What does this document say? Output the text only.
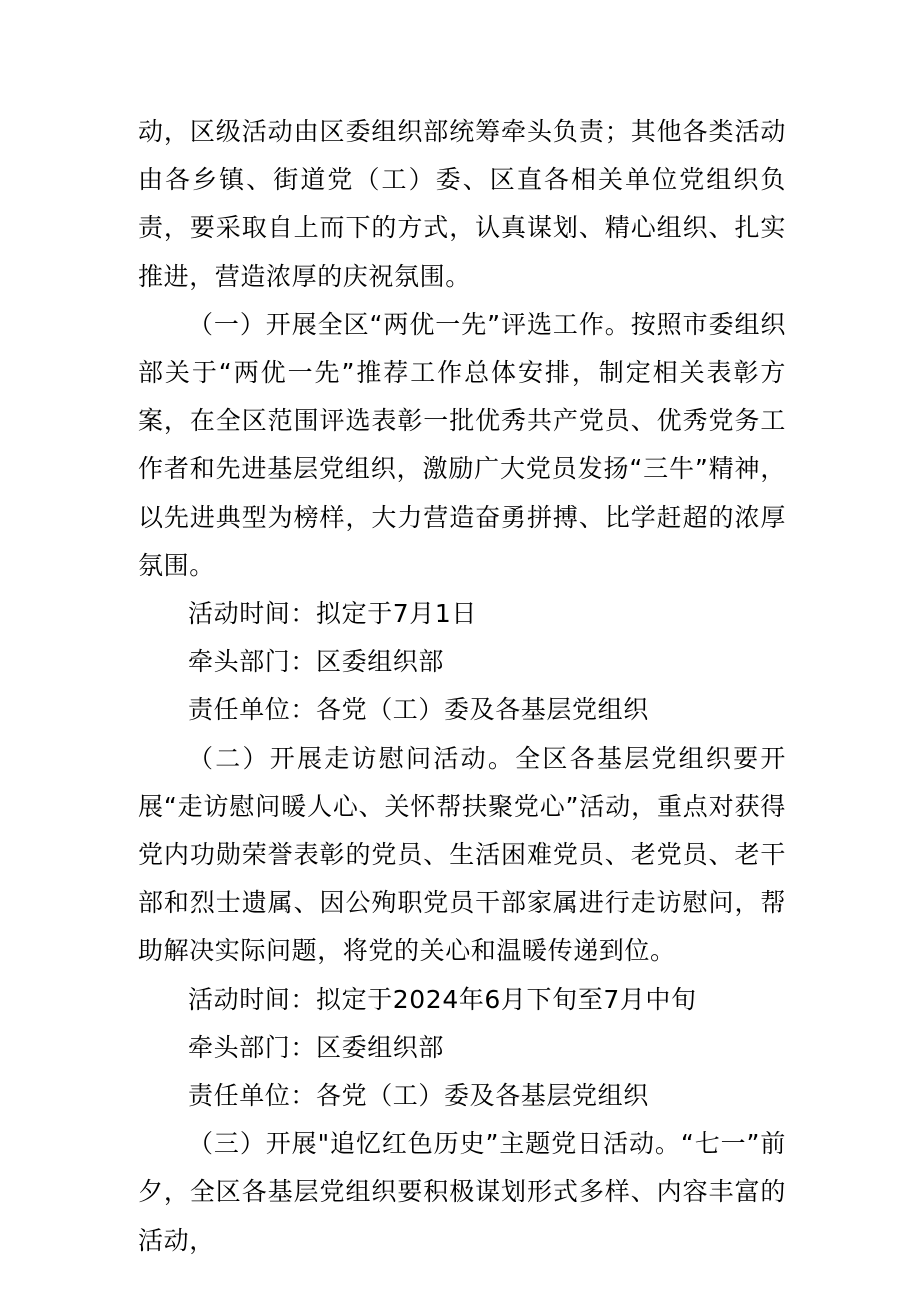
动，区级活动由区委组织部统筹牵头负责；其他各类活动由各乡镇、街道党（工）委、区直各相关单位党组织负责，要采取自上而下的方式，认真谋划、精心组织、扎实推进，营造浓厚的庆祝氛围。

（一）开展全区“两优一先”评选工作。按照市委组织部关于“两优一先”推荐工作总体安排，制定相关表彰方案，在全区范围评选表彰一批优秀共产党员、优秀党务工作者和先进基层党组织，激励广大党员发扬“三牛”精神，以先进典型为榜样，大力营造奋勇拼搏、比学赶超的浓厚氛围。

活动时间：拟定于7月1日

牵头部门：区委组织部

责任单位：各党（工）委及各基层党组织

（二）开展走访慰问活动。全区各基层党组织要开展“走访慰问暖人心、关怀帮扶聚党心”活动，重点对获得党内功勋荣誉表彰的党员、生活困难党员、老党员、老干部和烈士遗属、因公殉职党员干部家属进行走访慰问，帮助解决实际问题，将党的关心和温暖传递到位。

活动时间：拟定于2024年6月下旬至7月中旬

牵头部门：区委组织部

责任单位：各党（工）委及各基层党组织

（三）开展"追忆红色历史”主题党日活动。“七一”前夕，全区各基层党组织要积极谋划形式多样、内容丰富的活动，
